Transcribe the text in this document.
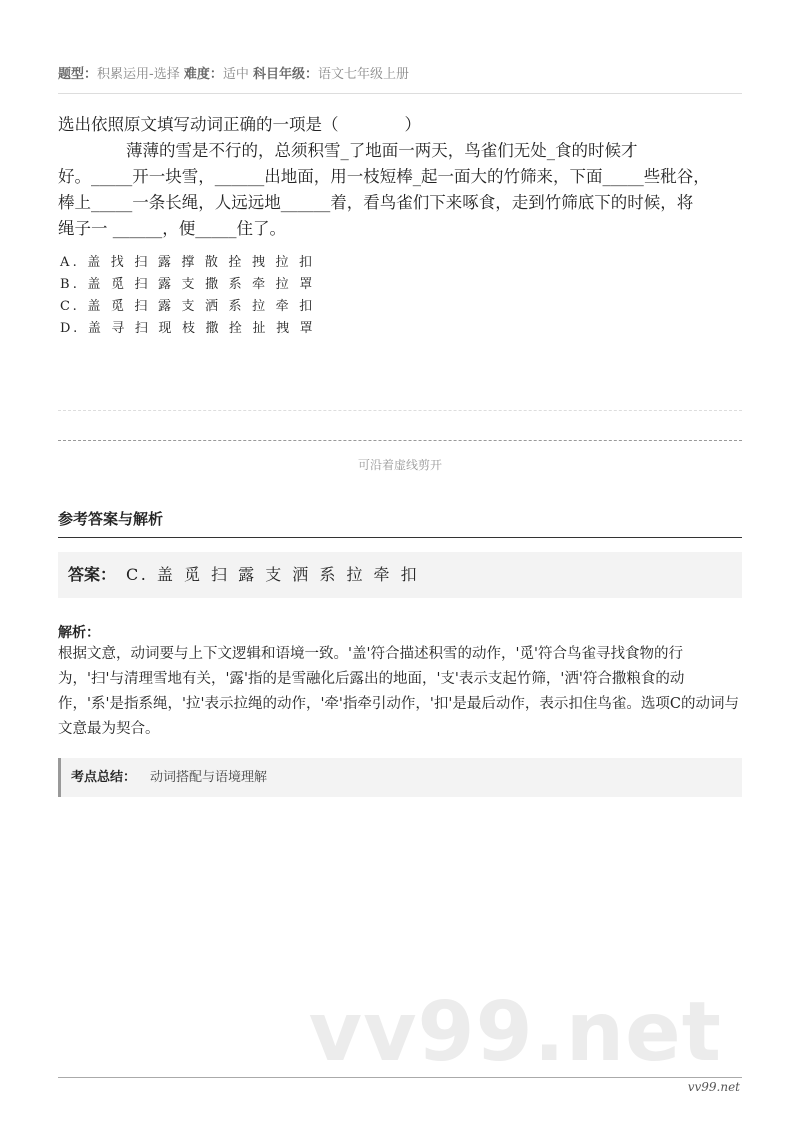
题型：积累运用-选择 难度：适中 科目年级：语文七年级上册

选出依照原文填写动词正确的一项是（　　　　）

薄薄的雪是不行的，总须积雪_了地面一两天，鸟雀们无处_食的时候才

好。_____开一块雪，______出地面，用一枝短棒_起一面大的竹筛来，下面_____些秕谷，

棒上_____一条长绳，人远远地______着，看鸟雀们下来啄食，走到竹筛底下的时候，将

绳子一 ______，便_____住了。

A. 盖 找 扫 露 撑 散 拴 拽 拉 扣
B. 盖 觅 扫 露 支 撒 系 牵 拉 罩
C. 盖 觅 扫 露 支 洒 系 拉 牵 扣
D. 盖 寻 扫 现 枝 撒 拴 扯 拽 罩
可沿着虚线剪开
参考答案与解析
答案： C. 盖 觅 扫 露 支 洒 系 拉 牵 扣
解析：
根据文意，动词要与上下文逻辑和语境一致。'盖'符合描述积雪的动作，'觅'符合鸟雀寻找食物的行为，'扫'与清理雪地有关，'露'指的是雪融化后露出的地面，'支'表示支起竹筛，'洒'符合撒粮食的动作，'系'是指系绳，'拉'表示拉绳的动作，'牵'指牵引动作，'扣'是最后动作，表示扣住鸟雀。选项C的动词与文意最为契合。
考点总结： 动词搭配与语境理解
vv99.net
vv99.net
